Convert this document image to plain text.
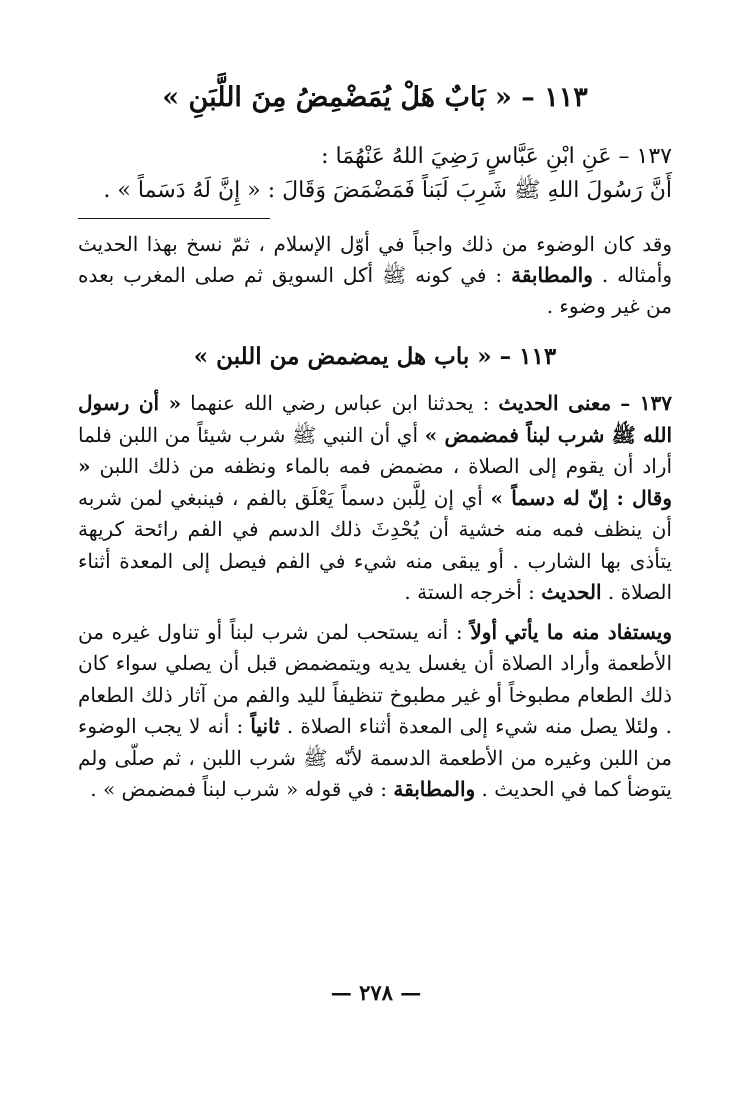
١١٣ – « بَابٌ هَلْ يُمَضْمِضُ مِنَ اللَّبَنِ »

١٣٧ – عَنِ ابْنِ عَبَّاسٍ رَضِيَ اللهُ عَنْهُمَا :

أَنَّ رَسُولَ اللهِ ﷺ شَرِبَ لَبَناً فَمَضْمَضَ وَقَالَ : « إِنَّ لَهُ دَسَماً » .

وقد كان الوضوء من ذلك واجباً في أوّل الإسلام ، ثمّ نسخ بهذا الحديث وأمثاله . والمطابقة : في كونه ﷺ أكل السويق ثم صلى المغرب بعده من غير وضوء .

١١٣ – « باب هل يمضمض من اللبن »

١٣٧ – معنى الحديث : يحدثنا ابن عباس رضي الله عنهما « أن رسول الله ﷺ شرب لبناً فمضمض » أي أن النبي ﷺ شرب شيئاً من اللبن فلما أراد أن يقوم إلى الصلاة ، مضمض فمه بالماء ونظفه من ذلك اللبن « وقال : إنّ له دسماً » أي إن لِلَّبن دسماً يَعْلَق بالفم ، فينبغي لمن شربه أن ينظف فمه منه خشية أن يُحْدِثَ ذلك الدسم في الفم رائحة كريهة يتأذى بها الشارب . أو يبقى منه شيء في الفم فيصل إلى المعدة أثناء الصلاة . الحديث : أخرجه الستة .

ويستفاد منه ما يأتي أولاً : أنه يستحب لمن شرب لبناً أو تناول غيره من الأطعمة وأراد الصلاة أن يغسل يديه ويتمضمض قبل أن يصلي سواء كان ذلك الطعام مطبوخاً أو غير مطبوخ تنظيفاً لليد والفم من آثار ذلك الطعام . ولئلا يصل منه شيء إلى المعدة أثناء الصلاة . ثانياً : أنه لا يجب الوضوء من اللبن وغيره من الأطعمة الدسمة لأنّه ﷺ شرب اللبن ، ثم صلّى ولم يتوضأ كما في الحديث . والمطابقة : في قوله « شرب لبناً فمضمض » .

— ٢٧٨ —
